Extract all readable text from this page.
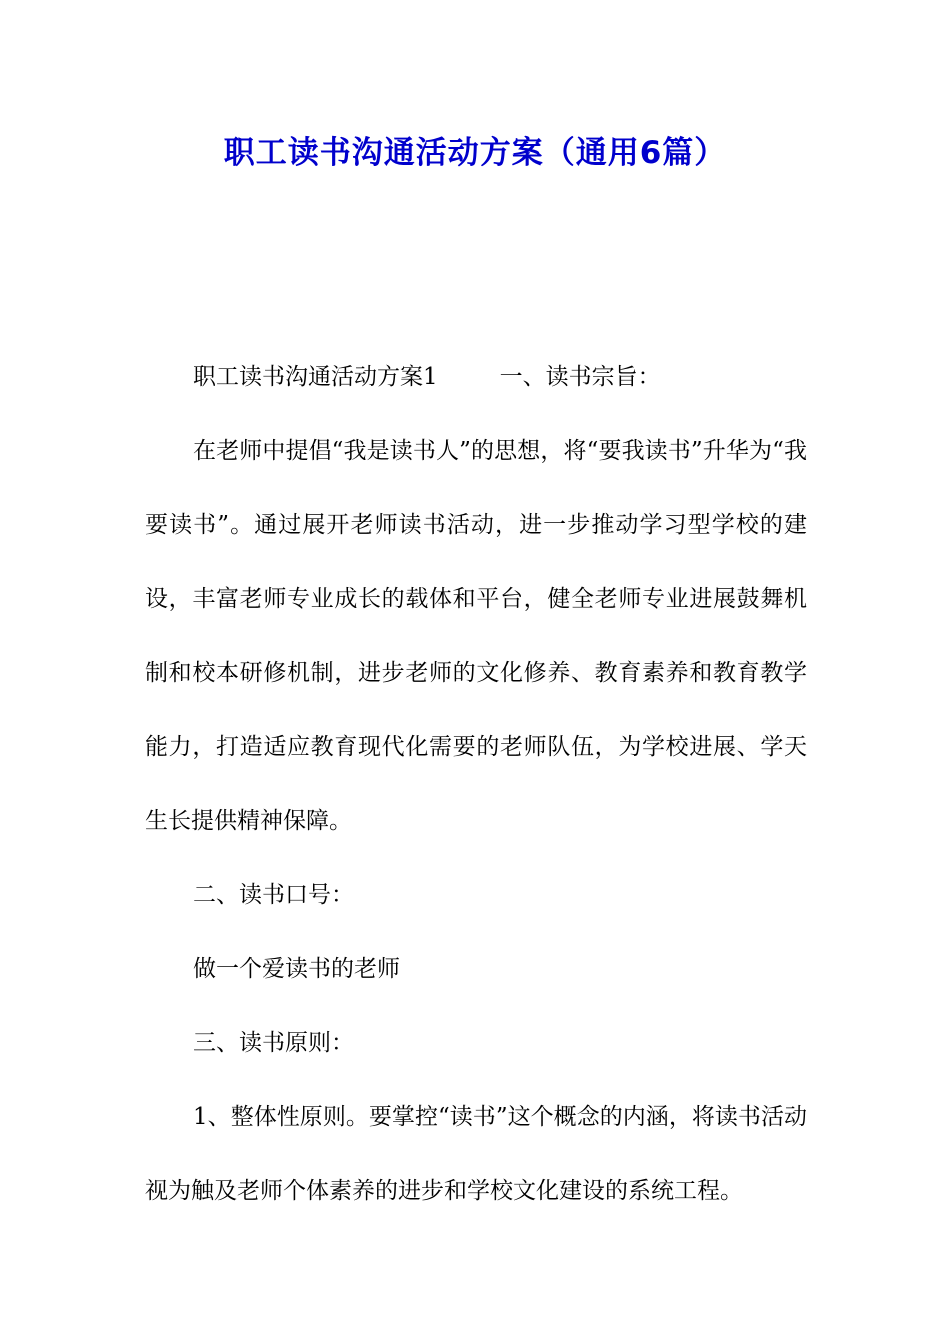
职工读书沟通活动方案（通用6篇）

职工读书沟通活动方案1	一、读书宗旨：

在老师中提倡“我是读书人”的思想，将“要我读书”升华为“我要读书”。通过展开老师读书活动，进一步推动学习型学校的建设，丰富老师专业成长的载体和平台，健全老师专业进展鼓舞机制和校本研修机制，进步老师的文化修养、教育素养和教育教学能力，打造适应教育现代化需要的老师队伍，为学校进展、学天生长提供精神保障。

二、读书口号：

做一个爱读书的老师

三、读书原则：

1、整体性原则。要掌控“读书”这个概念的内涵，将读书活动视为触及老师个体素养的进步和学校文化建设的系统工程。
